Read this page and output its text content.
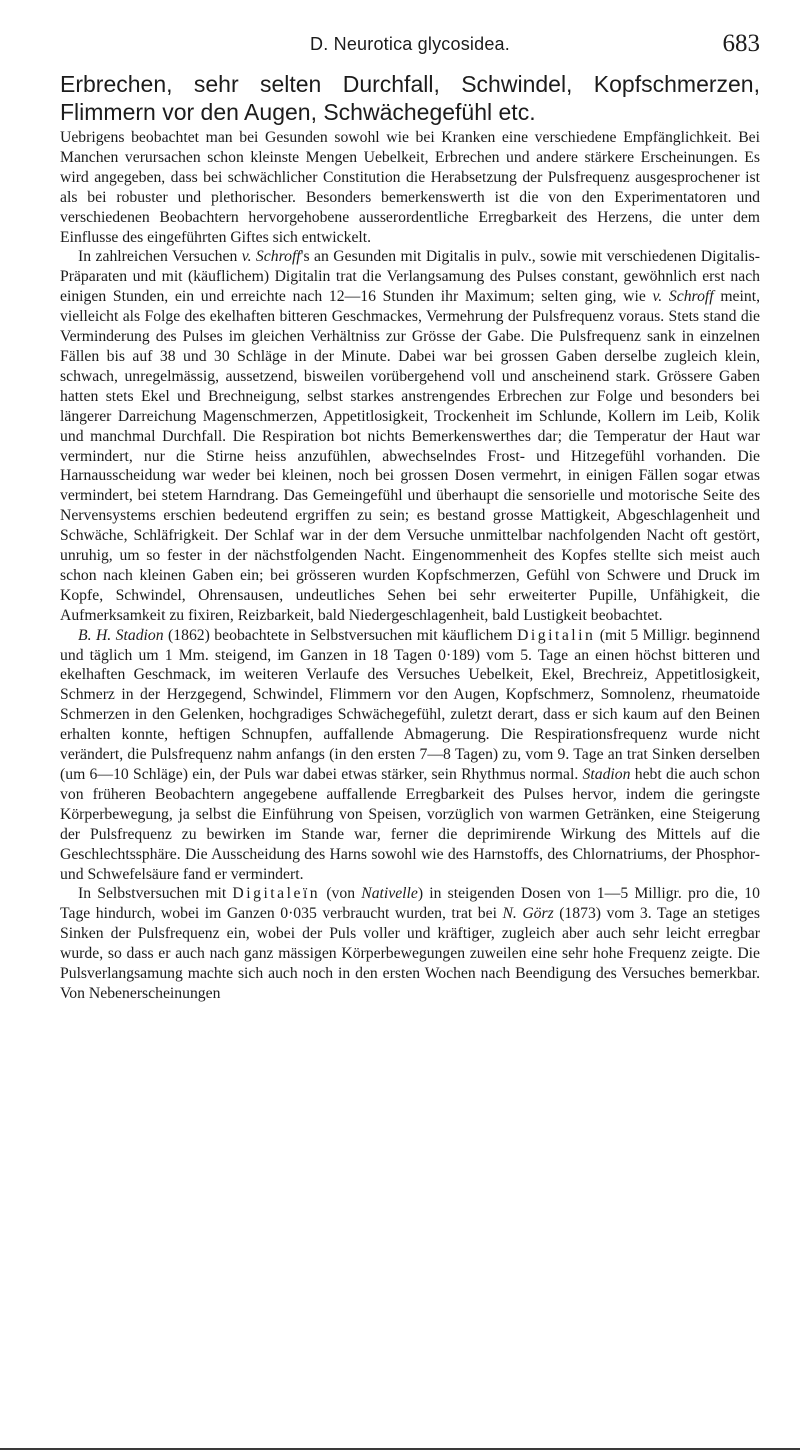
D. Neurotica glycosidea.	683
Erbrechen, sehr selten Durchfall, Schwindel, Kopfschmerzen, Flimmern vor den Augen, Schwächegefühl etc.

Uebrigens beobachtet man bei Gesunden sowohl wie bei Kranken eine verschiedene Empfänglichkeit. Bei Manchen verursachen schon kleinste Mengen Uebelkeit, Erbrechen und andere stärkere Erscheinungen. Es wird angegeben, dass bei schwächlicher Constitution die Herabsetzung der Pulsfrequenz ausgesprochener ist als bei robuster und plethorischer. Besonders bemerkenswerth ist die von den Experimentatoren und verschiedenen Beobachtern hervorgehobene ausserordentliche Erregbarkeit des Herzens, die unter dem Einflusse des eingeführten Giftes sich entwickelt.

In zahlreichen Versuchen v. Schroff's an Gesunden mit Digitalis in pulv., sowie mit verschiedenen Digitalis-Präparaten und mit (käuflichem) Digitalin trat die Verlangsamung des Pulses constant, gewöhnlich erst nach einigen Stunden, ein und erreichte nach 12—16 Stunden ihr Maximum; selten ging, wie v. Schroff meint, vielleicht als Folge des ekelhaften bitteren Geschmackes, Vermehrung der Pulsfrequenz voraus. Stets stand die Verminderung des Pulses im gleichen Verhältniss zur Grösse der Gabe. Die Pulsfrequenz sank in einzelnen Fällen bis auf 38 und 30 Schläge in der Minute. Dabei war bei grossen Gaben derselbe zugleich klein, schwach, unregelmässig, aussetzend, bisweilen vorübergehend voll und anscheinend stark. Grössere Gaben hatten stets Ekel und Brechneigung, selbst starkes anstrengendes Erbrechen zur Folge und besonders bei längerer Darreichung Magenschmerzen, Appetitlosigkeit, Trockenheit im Schlunde, Kollern im Leib, Kolik und manchmal Durchfall. Die Respiration bot nichts Bemerkenswerthes dar; die Temperatur der Haut war vermindert, nur die Stirne heiss anzufühlen, abwechselndes Frost- und Hitzegefühl vorhanden. Die Harnausscheidung war weder bei kleinen, noch bei grossen Dosen vermehrt, in einigen Fällen sogar etwas vermindert, bei stetem Harndrang. Das Gemeingefühl und überhaupt die sensorielle und motorische Seite des Nervensystems erschien bedeutend ergriffen zu sein; es bestand grosse Mattigkeit, Abgeschlagenheit und Schwäche, Schläfrigkeit. Der Schlaf war in der dem Versuche unmittelbar nachfolgenden Nacht oft gestört, unruhig, um so fester in der nächstfolgenden Nacht. Eingenommenheit des Kopfes stellte sich meist auch schon nach kleinen Gaben ein; bei grösseren wurden Kopfschmerzen, Gefühl von Schwere und Druck im Kopfe, Schwindel, Ohrensausen, undeutliches Sehen bei sehr erweiterter Pupille, Unfähigkeit, die Aufmerksamkeit zu fixiren, Reizbarkeit, bald Niedergeschlagenheit, bald Lustigkeit beobachtet.

B. H. Stadion (1862) beobachtete in Selbstversuchen mit käuflichem Digitalin (mit 5 Milligr. beginnend und täglich um 1 Mm. steigend, im Ganzen in 18 Tagen 0·189) vom 5. Tage an einen höchst bitteren und ekelhaften Geschmack, im weiteren Verlaufe des Versuches Uebelkeit, Ekel, Brechreiz, Appetitlosigkeit, Schmerz in der Herzgegend, Schwindel, Flimmern vor den Augen, Kopfschmerz, Somnolenz, rheumatoide Schmerzen in den Gelenken, hochgradiges Schwächegefühl, zuletzt derart, dass er sich kaum auf den Beinen erhalten konnte, heftigen Schnupfen, auffallende Abmagerung. Die Respirationsfrequenz wurde nicht verändert, die Pulsfrequenz nahm anfangs (in den ersten 7—8 Tagen) zu, vom 9. Tage an trat Sinken derselben (um 6—10 Schläge) ein, der Puls war dabei etwas stärker, sein Rhythmus normal. Stadion hebt die auch schon von früheren Beobachtern angegebene auffallende Erregbarkeit des Pulses hervor, indem die geringste Körperbewegung, ja selbst die Einführung von Speisen, vorzüglich von warmen Getränken, eine Steigerung der Pulsfrequenz zu bewirken im Stande war, ferner die deprimirende Wirkung des Mittels auf die Geschlechtssphäre. Die Ausscheidung des Harns sowohl wie des Harnstoffs, des Chlornatriums, der Phosphor- und Schwefelsäure fand er vermindert.

In Selbstversuchen mit Digitaleïn (von Nativelle) in steigenden Dosen von 1—5 Milligr. pro die, 10 Tage hindurch, wobei im Ganzen 0·035 verbraucht wurden, trat bei N. Görz (1873) vom 3. Tage an stetiges Sinken der Pulsfrequenz ein, wobei der Puls voller und kräftiger, zugleich aber auch sehr leicht erregbar wurde, so dass er auch nach ganz mässigen Körperbewegungen zuweilen eine sehr hohe Frequenz zeigte. Die Pulsverlangsamung machte sich auch noch in den ersten Wochen nach Beendigung des Versuches bemerkbar. Von Nebenerscheinungen
